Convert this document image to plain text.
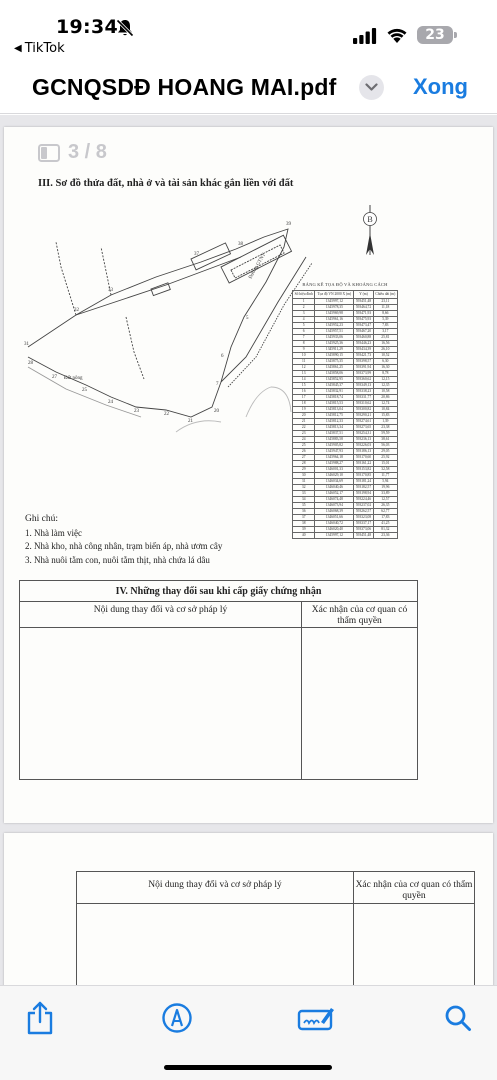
19:34
◀ TikTok
23
GCNQSDĐ HOANG MAI.pdf	Xong
3 / 8
III. Sơ đồ thửa đất, nhà ở và tài sản khác gắn liền với đất
31
32
33
37
38
39
5
6
7
20
21
22
23
24
25
27
28
Đất nông
Đường GTNT
B
BẢNG KÊ TỌA ĐỘ VÀ KHOẢNG CÁCH
Số hiệu đỉnh	Tọa độ VN 2000 X (m)	Y (m)	Chiều dài (m)
1	1345997,12	593451,48	23,11
2	1345978,35	593464,72	11,18
3	1345969,98	593471,93	8,66
4	1345961,16	593475,93	5,39
5	1345952,23	593473,47	7,83
6	1345957,51	593467,20	3,17
7	1345933,06	593460,88	25,81
8	1345925,36	593446,23	16,56
9	1345911,29	593434,39	26,10
10	1345890,15	593421,73	10,52
11	1345875,35	593398,57	6,30
12	1345861,25	593391,94	16,30
13	1345858,06	593373,99	8,78
14	1345852,95	593360,62	12,15
15	1345845,37	593349,13	12,35
16	1345832,91	593338,23	10,58
17	1345818,74	593331,77	20,86
18	1345815,53	593310,62	12,74
19	1345813,04	593300,82	10,84
20	1345812,75	593290,21	15,83
21	1345812,33	593274,61	1,39
22	1345813,34	593273,65	23,38
23	1345837,51	593254,31	59,59
24	1345883,58	593236,13	38,61
25	1345905,82	593226,03	56,03
26	1345947,93	593186,13	29,05
27	1345964,18	593170,60	25,92
28	1345988,27	593161,22	15,01
29	1346001,33	593153,82	32,58
30	1346029,10	593170,85	11,77
31	1346034,69	593181,24	5,94
32	1346040,46	593182,57	19,96
33	1346052,17	593198,94	33,89
34	1346074,48	593224,46	12,57
35	1346073,94	593237,02	26,35
36	1346068,39	593262,57	62,77
37	1346051,66	593323,08	17,83
38	1346040,72	593337,17	41,25
39	1346020,40	593373,06	81,32
40	1345997,12	593451,48	23,36
Ghi chú:
1. Nhà làm việc
2. Nhà kho, nhà công nhân, trạm biến áp, nhà ươm cây
3. Nhà nuôi tằm con, nuôi tằm thịt, nhà chứa lá dâu
IV. Những thay đổi sau khi cấp giấy chứng nhận	
Nội dung thay đổi và cơ sở pháp lý	Xác nhận của cơ quan có thẩm quyền

Nội dung thay đổi và cơ sở pháp lý	Xác nhận của cơ quan có thẩm quyền
